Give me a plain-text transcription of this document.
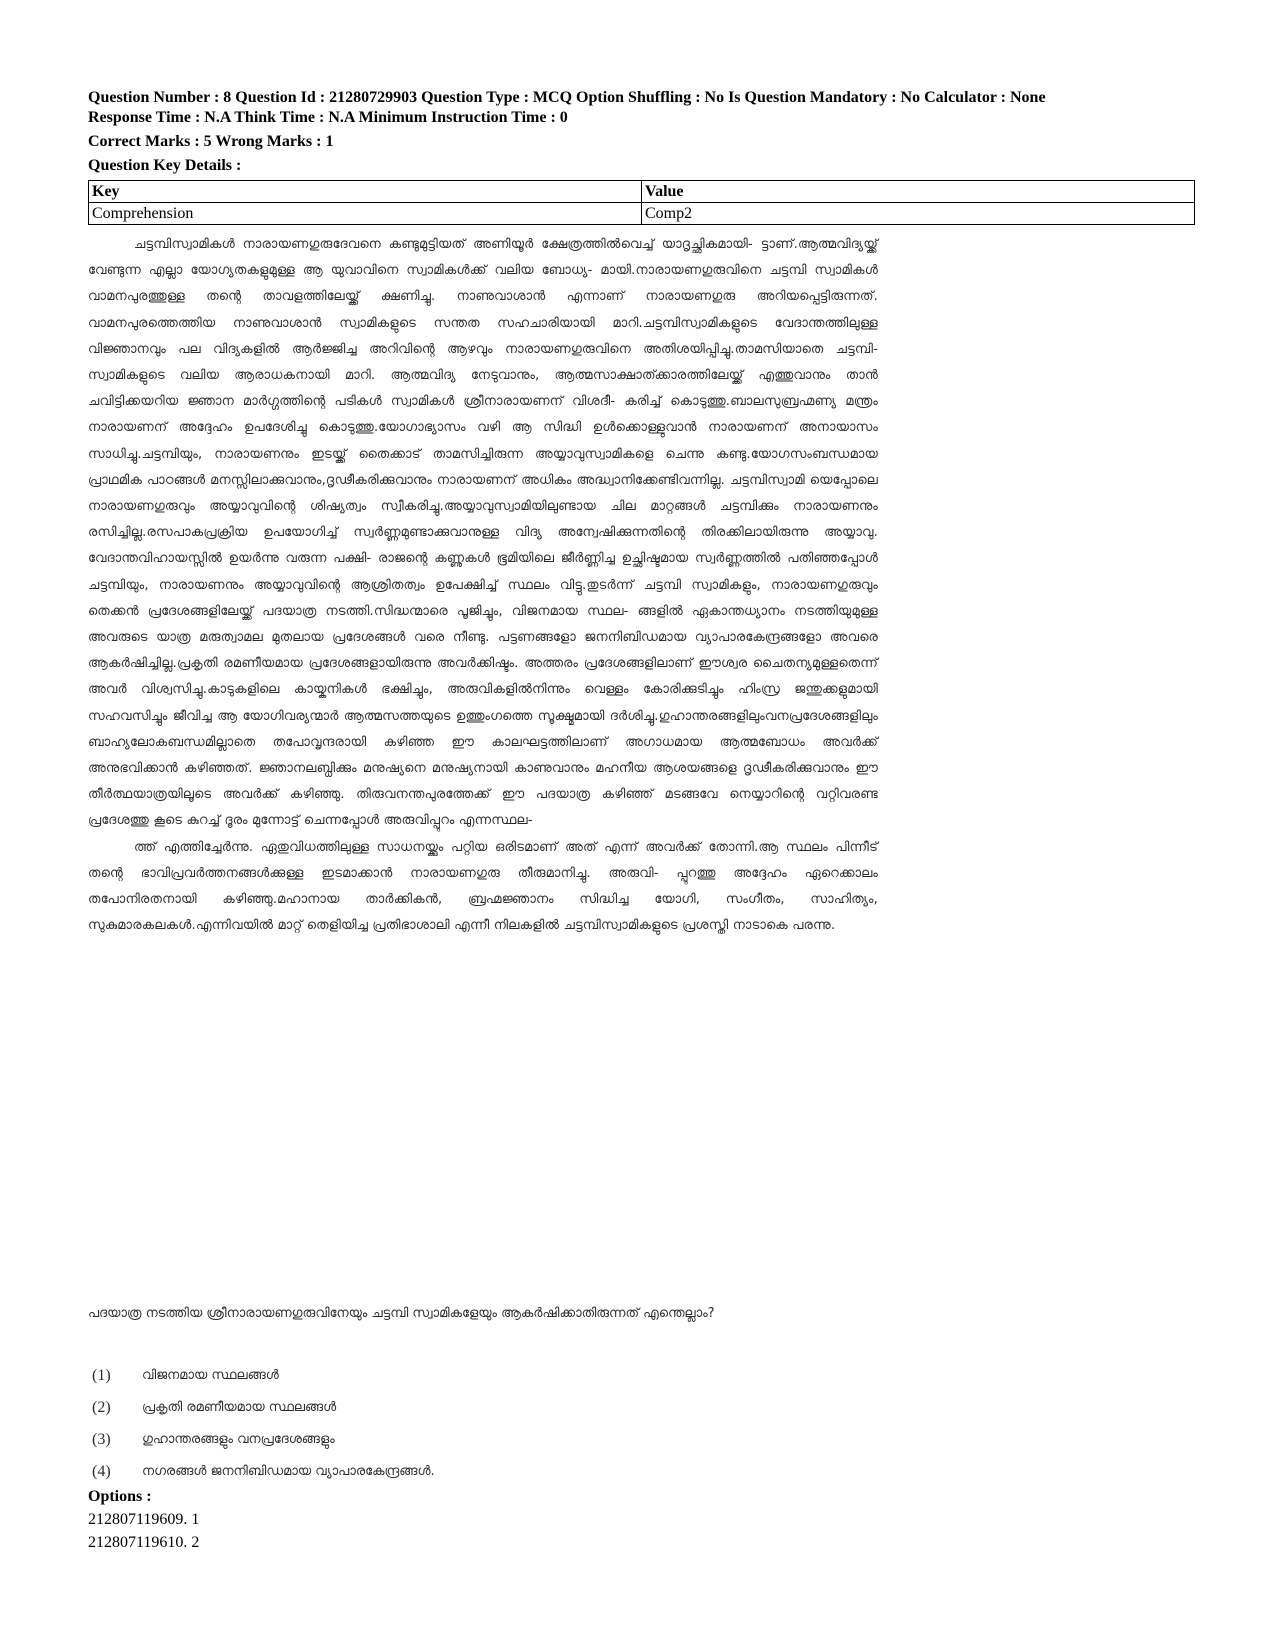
Question Number : 8 Question Id : 21280729903 Question Type : MCQ Option Shuffling : No Is Question Mandatory : No Calculator : None
Response Time : N.A Think Time : N.A Minimum Instruction Time : 0
Correct Marks : 5 Wrong Marks : 1
Question Key Details :
Key	Value
Comprehension	Comp2

ചട്ടമ്പിസ്വാമികൾ നാരായണഗുരുദേവനെ കണ്ടുമുട്ടിയത് അണിയൂർ ക്ഷേത്രത്തിൽവെച്ച് യാദൃച്ഛികമായി- ട്ടാണ്.ആത്മവിദ്യയ്ക്ക് വേണ്ടുന്ന എല്ലാ യോഗ്യതകളുമുള്ള ആ യുവാവിനെ സ്വാമികൾക്ക് വലിയ ബോധ്യ- മായി.നാരായണഗുരുവിനെ ചട്ടമ്പി സ്വാമികൾ വാമനപുരത്തുള്ള തന്റെ താവളത്തിലേയ്ക്ക് ക്ഷണിച്ചു. നാണുവാശാൻ എന്നാണ് നാരായണഗുരു അറിയപ്പെട്ടിരുന്നത്. വാമനപുരത്തെത്തിയ നാണുവാശാൻ സ്വാമികളുടെ സന്തത സഹചാരിയായി മാറി.ചട്ടമ്പിസ്വാമികളുടെ വേദാന്തത്തിലുള്ള വിജ്ഞാനവും പല വിദ്യകളിൽ ആർജ്ജിച്ച അറിവിന്റെ ആഴവും നാരായണഗുരുവിനെ അതിശയിപ്പിച്ചു.താമസിയാതെ ചട്ടമ്പി- സ്വാമികളുടെ വലിയ ആരാധകനായി മാറി. ആത്മവിദ്യ നേടുവാനും, ആത്മസാക്ഷാത്ക്കാരത്തിലേയ്ക്ക് എത്തുവാനും താൻ ചവിട്ടിക്കയറിയ ജ്ഞാന മാർഗ്ഗത്തിന്റെ പടികൾ സ്വാമികൾ ശ്രീനാരായണന് വിശദീ- കരിച്ച് കൊടുത്തു.ബാലസുബ്രഹ്മണ്യ മന്ത്രം നാരായണന് അദ്ദേഹം ഉപദേശിച്ചു കൊടുത്തു.യോഗാഭ്യാസം വഴി ആ സിദ്ധി ഉൾക്കൊള്ളുവാൻ നാരായണന് അനായാസം സാധിച്ചു.ചട്ടമ്പിയും, നാരായണനും ഇടയ്ക്ക് തൈക്കാട് താമസിച്ചിരുന്ന അയ്യാവുസ്വാമികളെ ചെന്നു കണ്ടു.യോഗസംബന്ധമായ പ്രാഥമിക പാഠങ്ങൾ മനസ്സിലാക്കുവാനും,ദൃഢീകരിക്കുവാനും നാരായണന് അധികം അദ്ധ്വാനിക്കേണ്ടിവന്നില്ല. ചട്ടമ്പിസ്വാമി യെപ്പോലെ നാരായണഗുരുവും അയ്യാവുവിന്റെ ശിഷ്യത്വം സ്വീകരിച്ചു.അയ്യാവുസ്വാമിയിലുണ്ടായ ചില മാറ്റങ്ങൾ ചട്ടമ്പിക്കും നാരായണനും രസിച്ചില്ല.രസപാകപ്രക്രിയ ഉപയോഗിച്ച് സ്വർണ്ണമുണ്ടാക്കുവാനുള്ള വിദ്യ അന്വേഷിക്കുന്നതിന്റെ തിരക്കിലായിരുന്നു അയ്യാവു. വേദാന്തവിഹായസ്സിൽ ഉയർന്നു വരുന്ന പക്ഷി- രാജന്റെ കണ്ണുകൾ ഭൂമിയിലെ ജീർണ്ണിച്ച ഉച്ഛിഷ്ടമായ സ്വർണ്ണത്തിൽ പതിഞ്ഞപ്പോൾ ചട്ടമ്പിയും, നാരായണനും അയ്യാവുവിന്റെ ആശ്രിതത്വം ഉപേക്ഷിച്ച് സ്ഥലം വിട്ടു.തുടർന്ന് ചട്ടമ്പി സ്വാമികളും, നാരായണഗുരുവും തെക്കൻ പ്രദേശങ്ങളിലേയ്ക്ക് പദയാത്ര നടത്തി.സിദ്ധന്മാരെ പൂജിച്ചും, വിജനമായ സ്ഥല- ങ്ങളിൽ ഏകാന്തധ്യാനം നടത്തിയുമുള്ള അവരുടെ യാത്ര മരുത്വാമല മുതലായ പ്രദേശങ്ങൾ വരെ നീണ്ടു. പട്ടണങ്ങളോ ജനനിബിഡമായ വ്യാപാരകേന്ദ്രങ്ങളോ അവരെ ആകർഷിച്ചില്ല.പ്രകൃതി രമണീയമായ പ്രദേശങ്ങളായിരുന്നു അവർക്കിഷ്ടം. അത്തരം പ്രദേശങ്ങളിലാണ് ഈശ്വര ചൈതന്യമുള്ളതെന്ന് അവർ വിശ്വസിച്ചു.കാടുകളിലെ കായ്കനികൾ ഭക്ഷിച്ചും, അരുവികളിൽനിന്നും വെള്ളം കോരിക്കുടിച്ചും ഹിംസ്ര ജന്തുക്കളുമായി സഹവസിച്ചും ജീവിച്ച ആ യോഗിവര്യന്മാർ ആത്മസത്തയുടെ ഉത്തുംഗത്തെ സൂക്ഷ്മമായി ദർശിച്ചു.ഗുഹാന്തരങ്ങളിലുംവനപ്രദേശങ്ങളിലും ബാഹ്യലോകബന്ധമില്ലാതെ തപോവൃന്ദരായി കഴിഞ്ഞ ഈ കാലഘട്ടത്തിലാണ് അഗാധമായ ആത്മബോധം അവർക്ക് അനുഭവിക്കാൻ കഴിഞ്ഞത്. ജ്ഞാനലബ്ധിക്കും മനുഷ്യനെ മനുഷ്യനായി കാണുവാനും മഹനീയ ആശയങ്ങളെ ദൃഢീകരിക്കുവാനും ഈ തീർത്ഥയാത്രയിലൂടെ അവർക്ക് കഴിഞ്ഞു. തിരുവനന്തപുരത്തേക്ക് ഈ പദയാത്ര കഴിഞ്ഞ് മടങ്ങവേ നെയ്യാറിന്റെ വറ്റിവരണ്ട പ്രദേശത്തു കൂടെ കുറച്ച് ദൂരം മുന്നോട്ട് ചെന്നപ്പോൾ അരുവിപ്പുറം എന്നസ്ഥല-

ത്ത് എത്തിച്ചേർന്നു. ഏതുവിധത്തിലുള്ള സാധനയ്ക്കും പറ്റിയ ഒരിടമാണ് അത് എന്ന് അവർക്ക് തോന്നി.ആ സ്ഥലം പിന്നീട് തന്റെ ഭാവിപ്രവർത്തനങ്ങൾക്കുള്ള ഇടമാക്കാൻ നാരായണഗുരു തീരുമാനിച്ചു. അരുവി- പ്പുറത്തു അദ്ദേഹം ഏറെക്കാലം തപോനിരതനായി കഴിഞ്ഞു.മഹാനായ താർക്കികൻ, ബ്രഹ്മജ്ഞാനം സിദ്ധിച്ച യോഗി, സംഗീതം, സാഹിത്യം, സുകുമാരകലകൾ.എന്നിവയിൽ മാറ്റ് തെളിയിച്ച പ്രതിഭാശാലി എന്നീ നിലകളിൽ ചട്ടമ്പിസ്വാമികളുടെ പ്രശസ്തി നാടാകെ പരന്നു.

പദയാത്ര നടത്തിയ ശ്രീനാരായണഗുരുവിനേയും ചട്ടമ്പി സ്വാമികളേയും ആകർഷിക്കാതിരുന്നത് എന്തെല്ലാം?
(1)	വിജനമായ സ്ഥലങ്ങൾ
(2)	പ്രകൃതി രമണീയമായ സ്ഥലങ്ങൾ
(3)	ഗുഹാന്തരങ്ങളും വനപ്രദേശങ്ങളും
(4)	നഗരങ്ങൾ ജനനിബിഡമായ വ്യാപാരകേന്ദ്രങ്ങൾ.
Options :
212807119609. 1
212807119610. 2
